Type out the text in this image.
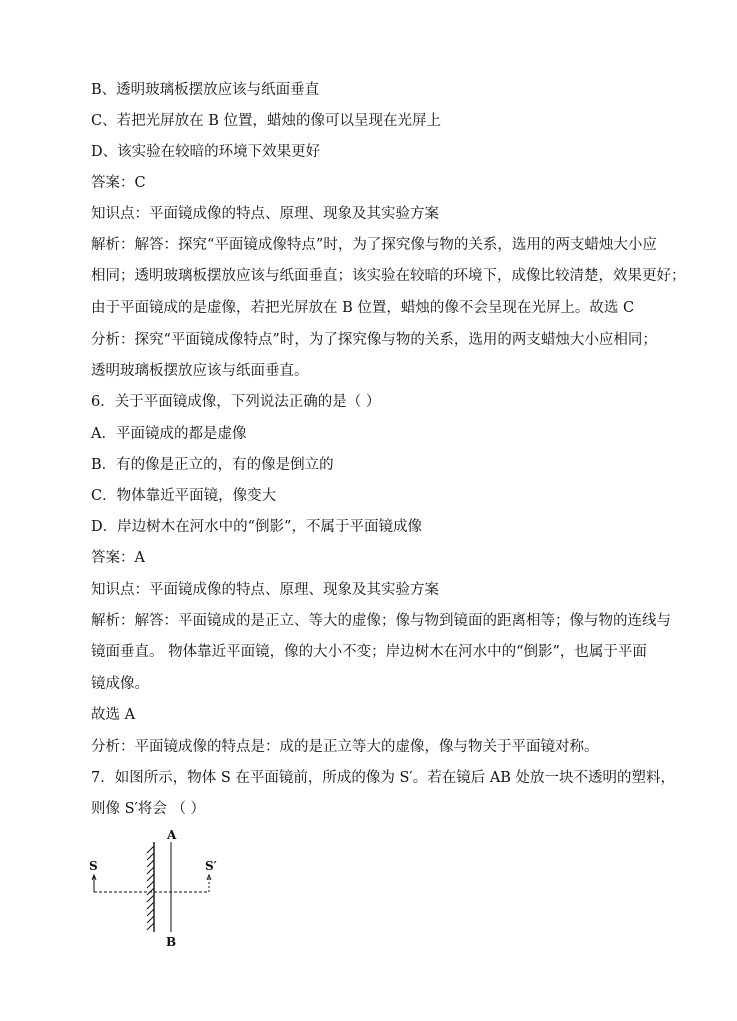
B、透明玻璃板摆放应该与纸面垂直
C、若把光屏放在 B 位置，蜡烛的像可以呈现在光屏上
D、该实验在较暗的环境下效果更好
答案：C
知识点：平面镜成像的特点、原理、现象及其实验方案
解析：解答：探究“平面镜成像特点”时，为了探究像与物的关系，选用的两支蜡烛大小应
相同；透明玻璃板摆放应该与纸面垂直；该实验在较暗的环境下，成像比较清楚，效果更好；
由于平面镜成的是虚像，若把光屏放在 B 位置，蜡烛的像不会呈现在光屏上。故选 C
分析：探究“平面镜成像特点”时，为了探究像与物的关系，选用的两支蜡烛大小应相同；
透明玻璃板摆放应该与纸面垂直。
6．关于平面镜成像，下列说法正确的是（ ）
A．平面镜成的都是虚像
B．有的像是正立的，有的像是倒立的
C．物体靠近平面镜，像变大
D．岸边树木在河水中的“倒影”，不属于平面镜成像
答案：A
知识点：平面镜成像的特点、原理、现象及其实验方案
解析：解答：平面镜成的是正立、等大的虚像；像与物到镜面的距离相等；像与物的连线与
镜面垂直。 物体靠近平面镜，像的大小不变；岸边树木在河水中的“倒影”，也属于平面
镜成像。
故选 A
分析：平面镜成像的特点是：成的是正立等大的虚像，像与物关于平面镜对称。
7．如图所示，物体 S 在平面镜前，所成的像为 S′。若在镜后 AB 处放一块不透明的塑料，
则像 S′将会 （ ）
A
B
S	S′
